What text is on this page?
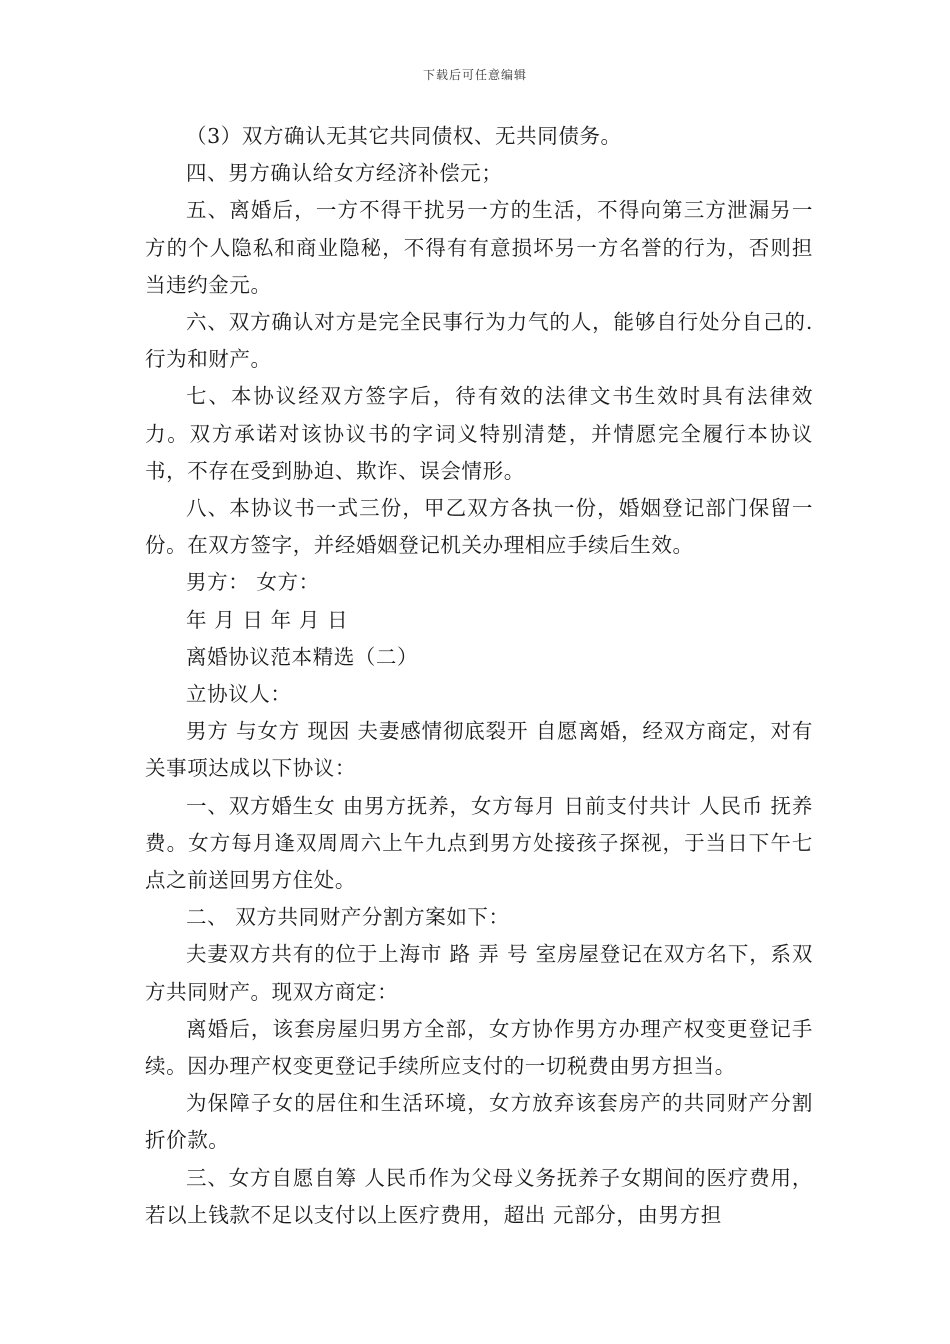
下载后可任意编辑

（3）双方确认无其它共同债权、无共同债务。

四、男方确认给女方经济补偿元；

五、离婚后，一方不得干扰另一方的生活，不得向第三方泄漏另一方的个人隐私和商业隐秘，不得有有意损坏另一方名誉的行为，否则担当违约金元。

六、双方确认对方是完全民事行为力气的人，能够自行处分自己的.行为和财产。

七、本协议经双方签字后，待有效的法律文书生效时具有法律效力。双方承诺对该协议书的字词义特别清楚，并情愿完全履行本协议书，不存在受到胁迫、欺诈、误会情形。

八、本协议书一式三份，甲乙双方各执一份，婚姻登记部门保留一份。在双方签字，并经婚姻登记机关办理相应手续后生效。

男方： 女方：

年 月 日 年 月 日

离婚协议范本精选（二）

立协议人：

男方 与女方 现因 夫妻感情彻底裂开 自愿离婚，经双方商定，对有关事项达成以下协议：

一、双方婚生女 由男方抚养，女方每月 日前支付共计 人民币 抚养费。女方每月逢双周周六上午九点到男方处接孩子探视，于当日下午七点之前送回男方住处。

二、 双方共同财产分割方案如下：

夫妻双方共有的位于上海市 路 弄 号 室房屋登记在双方名下，系双方共同财产。现双方商定：

离婚后，该套房屋归男方全部，女方协作男方办理产权变更登记手续。因办理产权变更登记手续所应支付的一切税费由男方担当。

为保障子女的居住和生活环境，女方放弃该套房产的共同财产分割折价款。

三、女方自愿自筹 人民币作为父母义务抚养子女期间的医疗费用，若以上钱款不足以支付以上医疗费用，超出 元部分，由男方担
